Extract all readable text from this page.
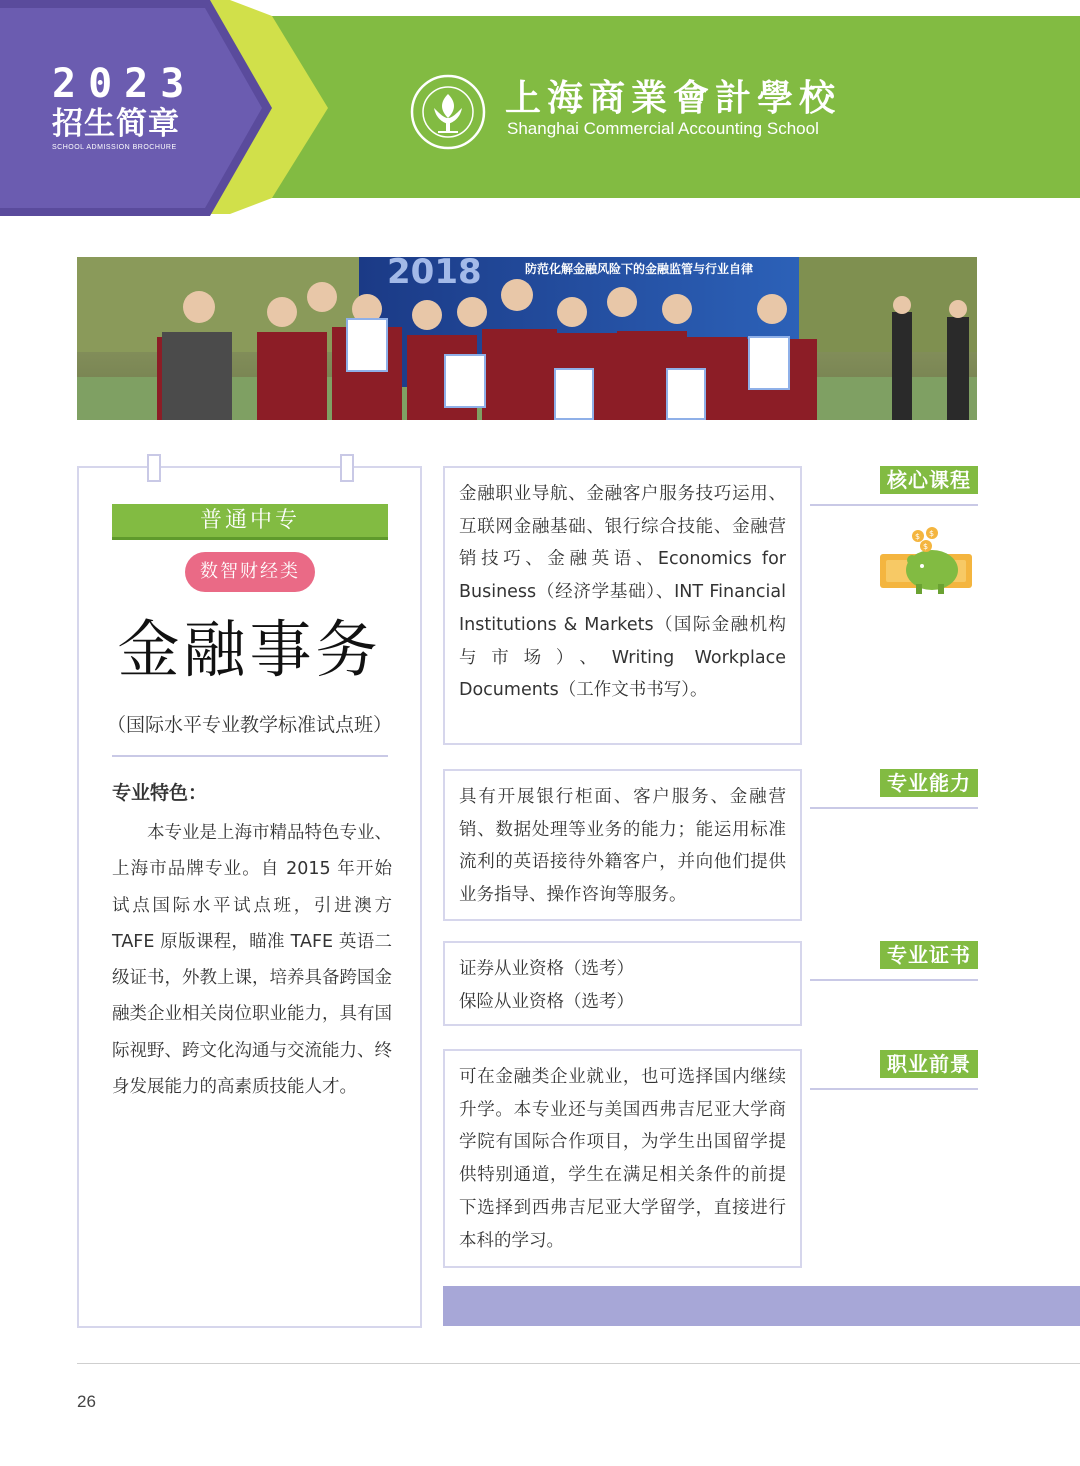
2023
招生简章
SCHOOL ADMISSION BROCHURE
上海商業會計學校
Shanghai Commercial Accounting School
2018	防范化解金融风险下的金融监管与行业自律
普通中专
数智财经类
金融事务
（国际水平专业教学标准试点班）
专业特色：
本专业是上海市精品特色专业、上海市品牌专业。自 2015 年开始试点国际水平试点班，引进澳方 TAFE 原版课程，瞄准 TAFE 英语二级证书，外教上课，培养具备跨国金融类企业相关岗位职业能力，具有国际视野、跨文化沟通与交流能力、终身发展能力的高素质技能人才。

金融职业导航、金融客户服务技巧运用、互联网金融基础、银行综合技能、金融营销技巧、金融英语、Economics for Business（经济学基础）、INT Financial Institutions & Markets（国际金融机构与市场）、Writing Workplace Documents（工作文书书写）。

核心课程
$ $
$

具有开展银行柜面、客户服务、金融营销、数据处理等业务的能力；能运用标准流利的英语接待外籍客户，并向他们提供业务指导、操作咨询等服务。

专业能力

证券从业资格（选考）

保险从业资格（选考）

专业证书

可在金融类企业就业，也可选择国内继续升学。本专业还与美国西弗吉尼亚大学商学院有国际合作项目，为学生出国留学提供特别通道，学生在满足相关条件的前提下选择到西弗吉尼亚大学留学，直接进行本科的学习。

职业前景
26
